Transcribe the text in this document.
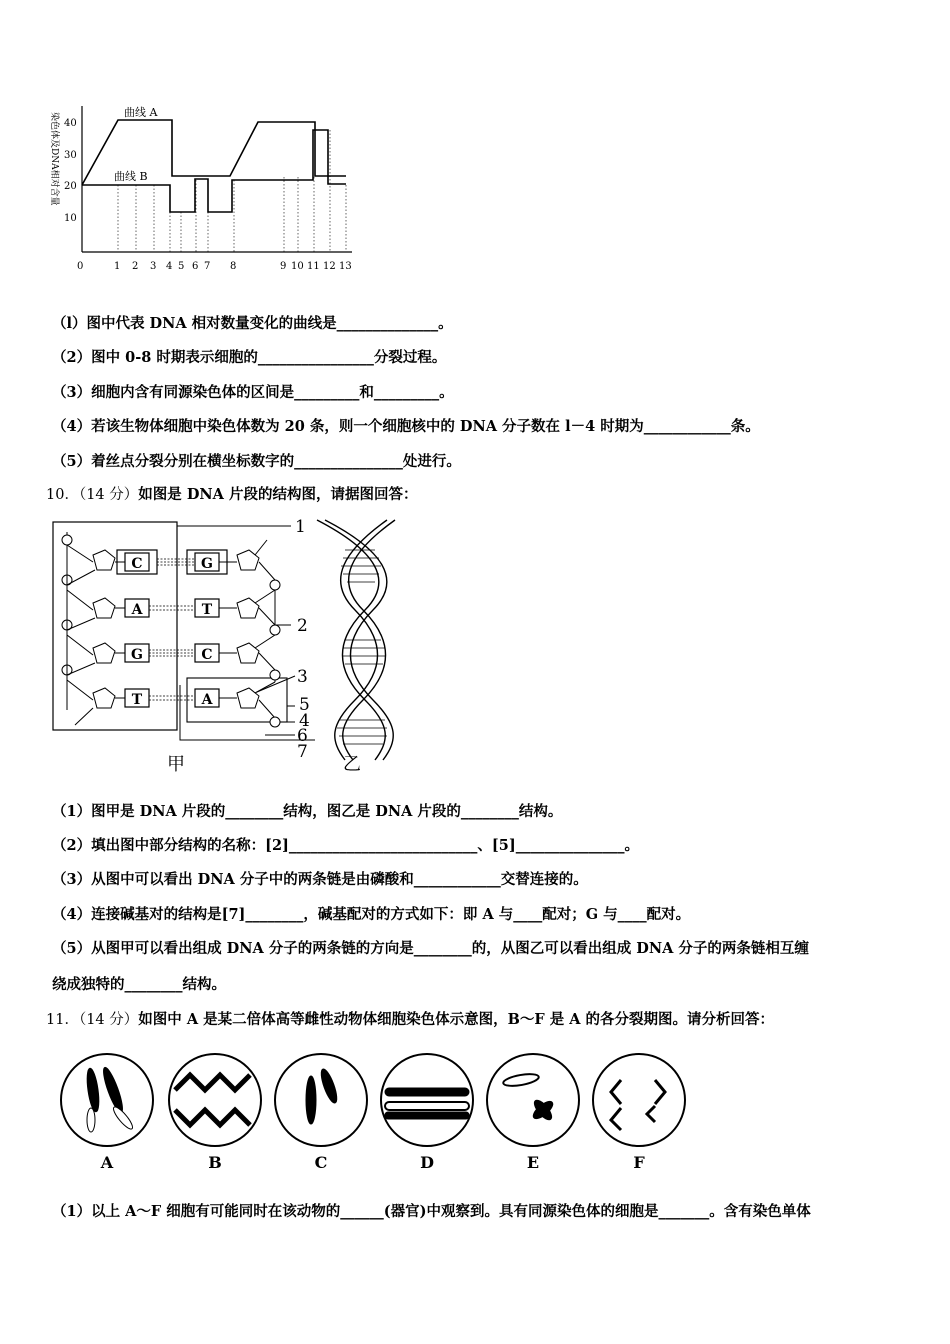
40
30
20
10
染色体及DNA相对含量	曲线 A
曲线 B
0	1 2 3 4 5 6 7 8	9 10 11 12 13
（l）图中代表 DNA 相对数量变化的曲线是______________。
（2）图中 0-8 时期表示细胞的________________分裂过程。
（3）细胞内含有同源染色体的区间是_________和_________。
（4）若该生物体细胞中染色体数为 20 条，则一个细胞核中的 DNA 分子数在 l－4 时期为____________条。
（5）着丝点分裂分别在横坐标数字的_______________处进行。
10．（14 分）如图是 DNA 片段的结构图，请据图回答：
C
A
G
T
G
T
C
A
1
2
3
5
4
6
7
甲	乙
（1）图甲是 DNA 片段的________结构，图乙是 DNA 片段的________结构。
（2）填出图中部分结构的名称：[2]__________________________、[5]_______________。
（3）从图中可以看出 DNA 分子中的两条链是由磷酸和____________交替连接的。
（4）连接碱基对的结构是[7]________，碱基配对的方式如下：即 A 与____配对；G 与____配对。
（5）从图甲可以看出组成 DNA 分子的两条链的方向是________的，从图乙可以看出组成 DNA 分子的两条链相互缠
绕成独特的________结构。
11．（14 分）如图中 A 是某二倍体高等雌性动物体细胞染色体示意图，B～F 是 A 的各分裂期图。请分析回答：
A	B	C	D	E	F
（1）以上 A～F 细胞有可能同时在该动物的______(器官)中观察到。具有同源染色体的细胞是_______。含有染色单体
